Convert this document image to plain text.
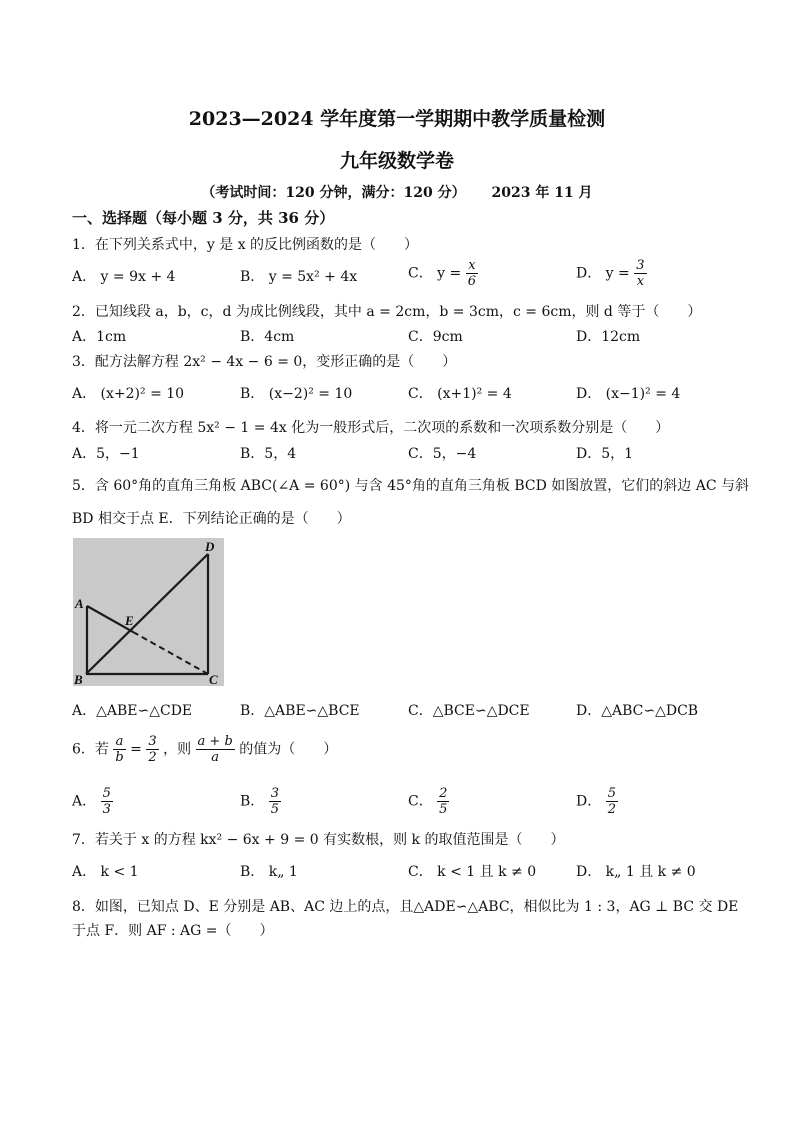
2023—2024 学年度第一学期期中教学质量检测
九年级数学卷
（考试时间：120 分钟，满分：120 分）　　 2023 年 11 月
一、选择题（每小题 3 分，共 36 分）
1．在下列关系式中，y 是 x 的反比例函数的是（　　）
A． y = 9x + 4	B． y = 5x² + 4x	C． $y = \frac{x}{6}$	D． $y = \frac{3}{x}$
2．已知线段 a，b，c，d 为成比例线段，其中 a = 2cm，b = 3cm，c = 6cm，则 d 等于（　　）
A．1cm	B．4cm	C．9cm	D．12cm
3．配方法解方程 2x² − 4x − 6 = 0，变形正确的是（　　）
A． (x+2)² = 10	B． (x−2)² = 10	C． (x+1)² = 4	D． (x−1)² = 4
4．将一元二次方程 5x² − 1 = 4x 化为一般形式后，二次项的系数和一次项系数分别是（　　）
A．5，−1	B．5，4	C．5，−4	D．5，1
5．含 60°角的直角三角板 ABC(∠A = 60°) 与含 45°角的直角三角板 BCD 如图放置，它们的斜边 AC 与斜
BD 相交于点 E．下列结论正确的是（　　）
D
A
E
B	C
A．△ABE∽△CDE	B．△ABE∽△BCE	C．△BCE∽△DCE	D．△ABC∽△DCB
6．若 $\frac{a}{b} = \frac{3}{2}$ ，则 $\frac{a + b}{a}$ 的值为（　　）
A． $\frac{5}{3}$	B． $\frac{3}{5}$	C． $\frac{2}{5}$	D． $\frac{5}{2}$
7．若关于 x 的方程 kx² − 6x + 9 = 0 有实数根，则 k 的取值范围是（　　）
A． k < 1	B． k„ 1	C． k < 1 且 k ≠ 0	D． k„ 1 且 k ≠ 0
8．如图，已知点 D、E 分别是 AB、AC 边上的点，且△ADE∽△ABC，相似比为 1 : 3，AG ⊥ BC 交 DE
于点 F．则 AF : AG =（　　）
